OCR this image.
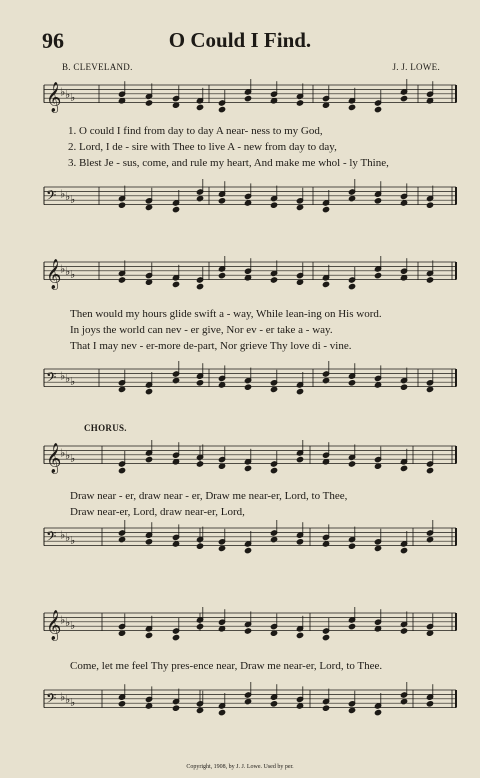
96	O Could I Find.
B. CLEVELAND.	J. J. LOWE.
𝄞
♭ ♭ ♭
𝄢 ♭ ♭ ♭
𝄞
♭ ♭ ♭
𝄢 ♭ ♭ ♭
𝄞
♭ ♭ ♭
𝄢 ♭ ♭ ♭
𝄞
♭ ♭ ♭
𝄢 ♭ ♭ ♭
1. O could I find from day to day A near- ness to my God,
2. Lord, I de - sire with Thee to live A - new from day to day,
3. Blest Je - sus, come, and rule my heart, And make me whol - ly Thine,
Then would my hours glide swift a - way, While lean-ing on His word.
In joys the world can nev - er give, Nor ev - er take a - way.
That I may nev - er-more de-part, Nor grieve Thy love di - vine.
CHORUS.
Draw near - er, draw near - er, Draw me near-er, Lord, to Thee,
Draw near-er, Lord, draw near-er, Lord,
Come, let me feel Thy pres-ence near, Draw me near-er, Lord, to Thee.
Copyright, 1908, by J. J. Lowe. Used by per.
